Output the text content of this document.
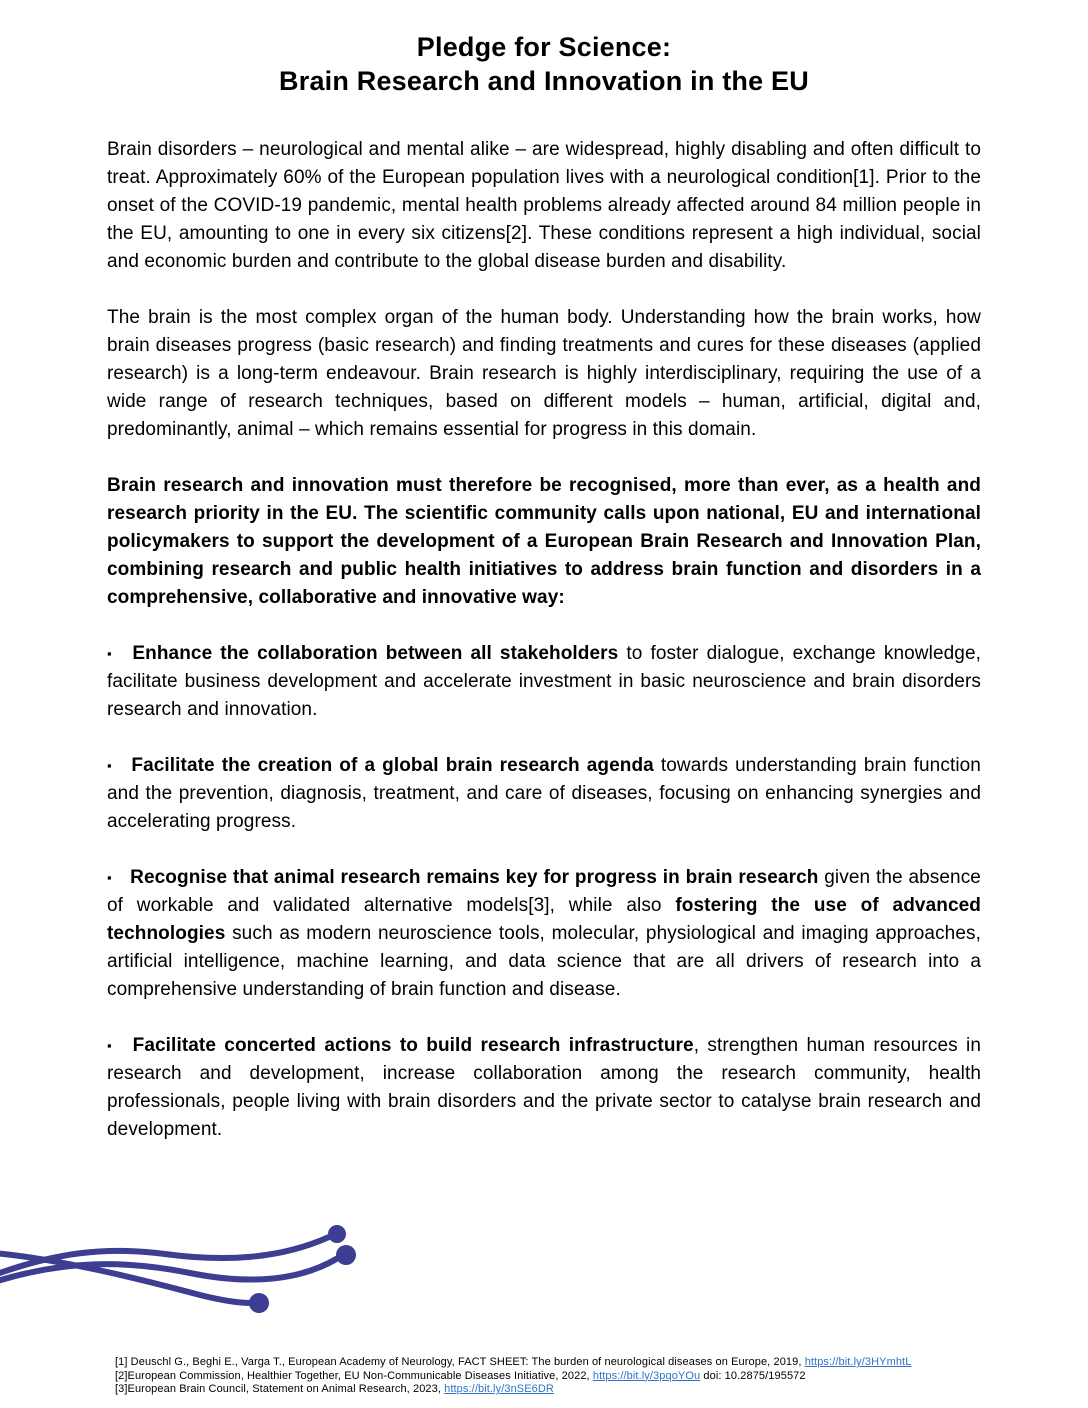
Pledge for Science:
Brain Research and Innovation in the EU

Brain disorders – neurological and mental alike – are widespread, highly disabling and often difficult to treat. Approximately 60% of the European population lives with a neurological condition[1]. Prior to the onset of the COVID-19 pandemic, mental health problems already affected around 84 million people in the EU, amounting to one in every six citizens[2]. These conditions represent a high individual, social and economic burden and contribute to the global disease burden and disability.

The brain is the most complex organ of the human body. Understanding how the brain works, how brain diseases progress (basic research) and finding treatments and cures for these diseases (applied research) is a long-term endeavour. Brain research is highly interdisciplinary, requiring the use of a wide range of research techniques, based on different models – human, artificial, digital and, predominantly, animal – which remains essential for progress in this domain.

Brain research and innovation must therefore be recognised, more than ever, as a health and research priority in the EU. The scientific community calls upon national, EU and international policymakers to support the development of a European Brain Research and Innovation Plan, combining research and public health initiatives to address brain function and disorders in a comprehensive, collaborative and innovative way:

▪ Enhance the collaboration between all stakeholders to foster dialogue, exchange knowledge, facilitate business development and accelerate investment in basic neuroscience and brain disorders research and innovation.

▪ Facilitate the creation of a global brain research agenda towards understanding brain function and the prevention, diagnosis, treatment, and care of diseases, focusing on enhancing synergies and accelerating progress.

▪ Recognise that animal research remains key for progress in brain research given the absence of workable and validated alternative models[3], while also fostering the use of advanced technologies such as modern neuroscience tools, molecular, physiological and imaging approaches, artificial intelligence, machine learning, and data science that are all drivers of research into a comprehensive understanding of brain function and disease.

▪ Facilitate concerted actions to build research infrastructure, strengthen human resources in research and development, increase collaboration among the research community, health professionals, people living with brain disorders and the private sector to catalyse brain research and development.

[1] Deuschl G., Beghi E., Varga T., European Academy of Neurology, FACT SHEET: The burden of neurological diseases on Europe, 2019, https://bit.ly/3HYmhtL
[2]European Commission, Healthier Together, EU Non-Communicable Diseases Initiative, 2022, https://bit.ly/3pqoYOu doi: 10.2875/195572
[3]European Brain Council, Statement on Animal Research, 2023, https://bit.ly/3nSE6DR
